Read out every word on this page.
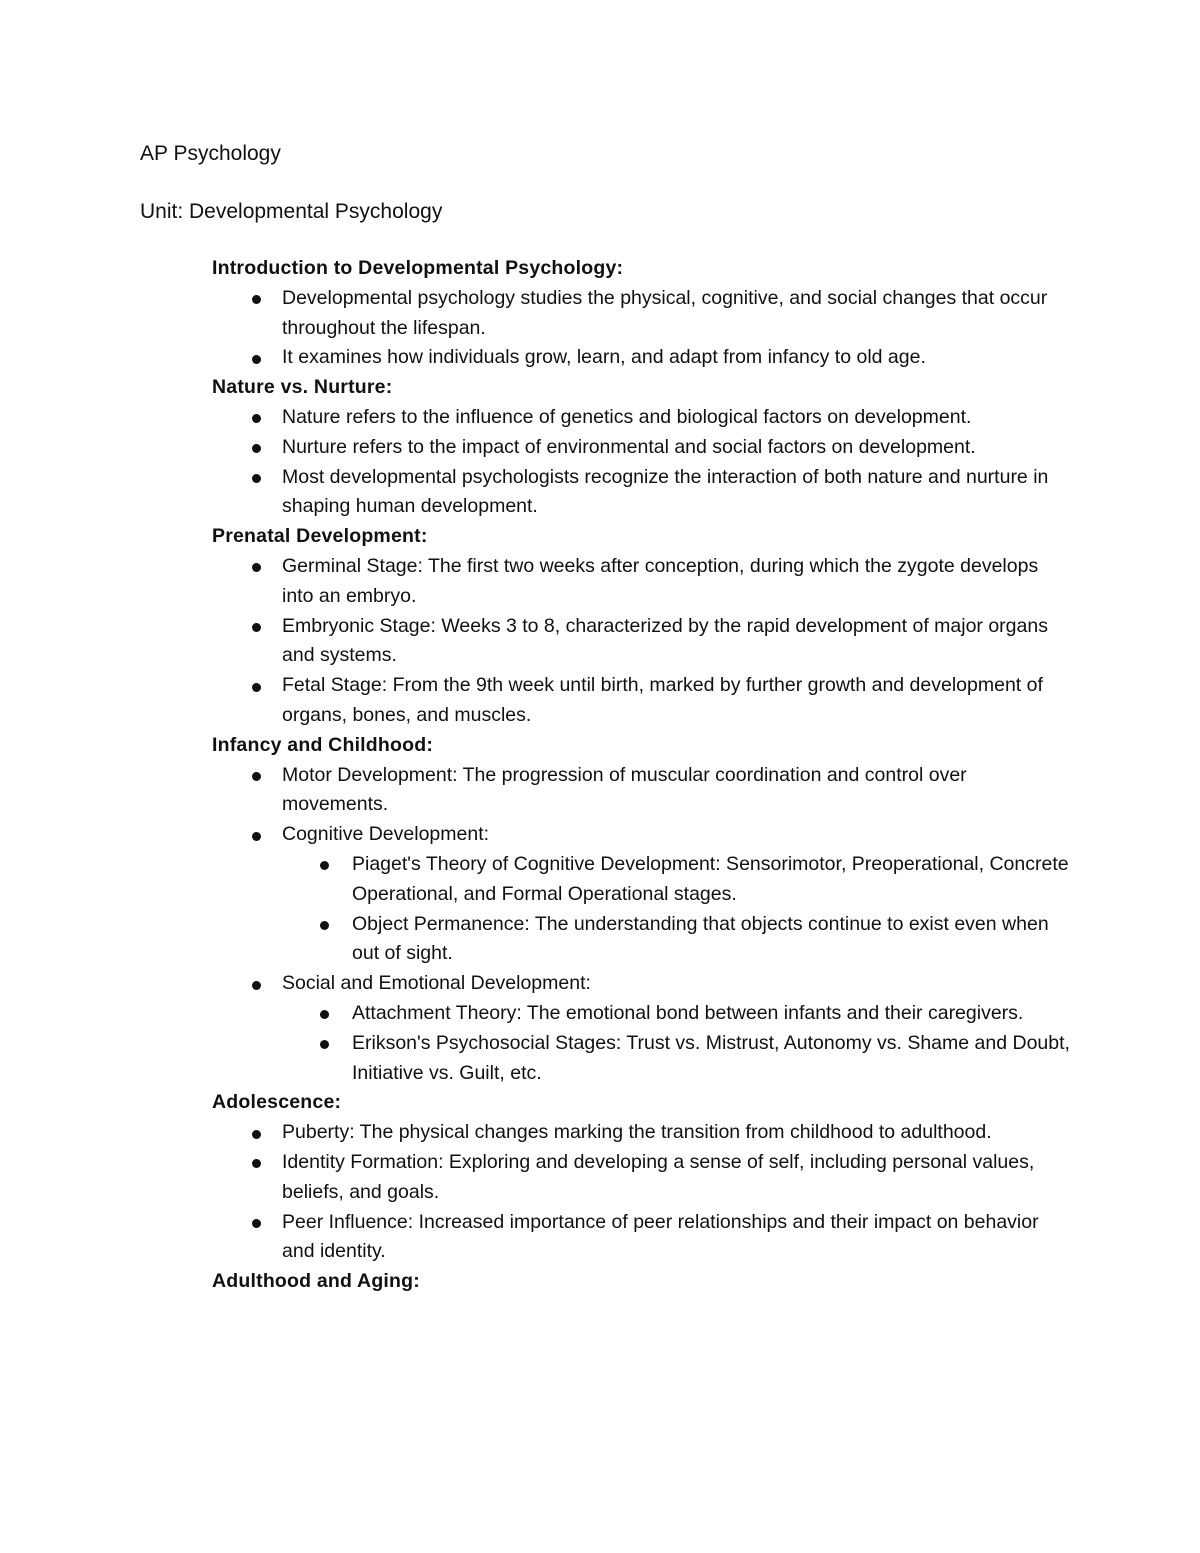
AP Psychology

Unit: Developmental Psychology

Introduction to Developmental Psychology:

Developmental psychology studies the physical, cognitive, and social changes that occur throughout the lifespan.
It examines how individuals grow, learn, and adapt from infancy to old age.

Nature vs. Nurture:

Nature refers to the influence of genetics and biological factors on development.
Nurture refers to the impact of environmental and social factors on development.
Most developmental psychologists recognize the interaction of both nature and nurture in shaping human development.

Prenatal Development:

Germinal Stage: The first two weeks after conception, during which the zygote develops into an embryo.
Embryonic Stage: Weeks 3 to 8, characterized by the rapid development of major organs and systems.
Fetal Stage: From the 9th week until birth, marked by further growth and development of organs, bones, and muscles.

Infancy and Childhood:

Motor Development: The progression of muscular coordination and control over movements.
Cognitive Development:
Piaget's Theory of Cognitive Development: Sensorimotor, Preoperational, Concrete Operational, and Formal Operational stages.
Object Permanence: The understanding that objects continue to exist even when out of sight.
Social and Emotional Development:
Attachment Theory: The emotional bond between infants and their caregivers.
Erikson's Psychosocial Stages: Trust vs. Mistrust, Autonomy vs. Shame and Doubt, Initiative vs. Guilt, etc.

Adolescence:

Puberty: The physical changes marking the transition from childhood to adulthood.
Identity Formation: Exploring and developing a sense of self, including personal values, beliefs, and goals.
Peer Influence: Increased importance of peer relationships and their impact on behavior and identity.

Adulthood and Aging:
